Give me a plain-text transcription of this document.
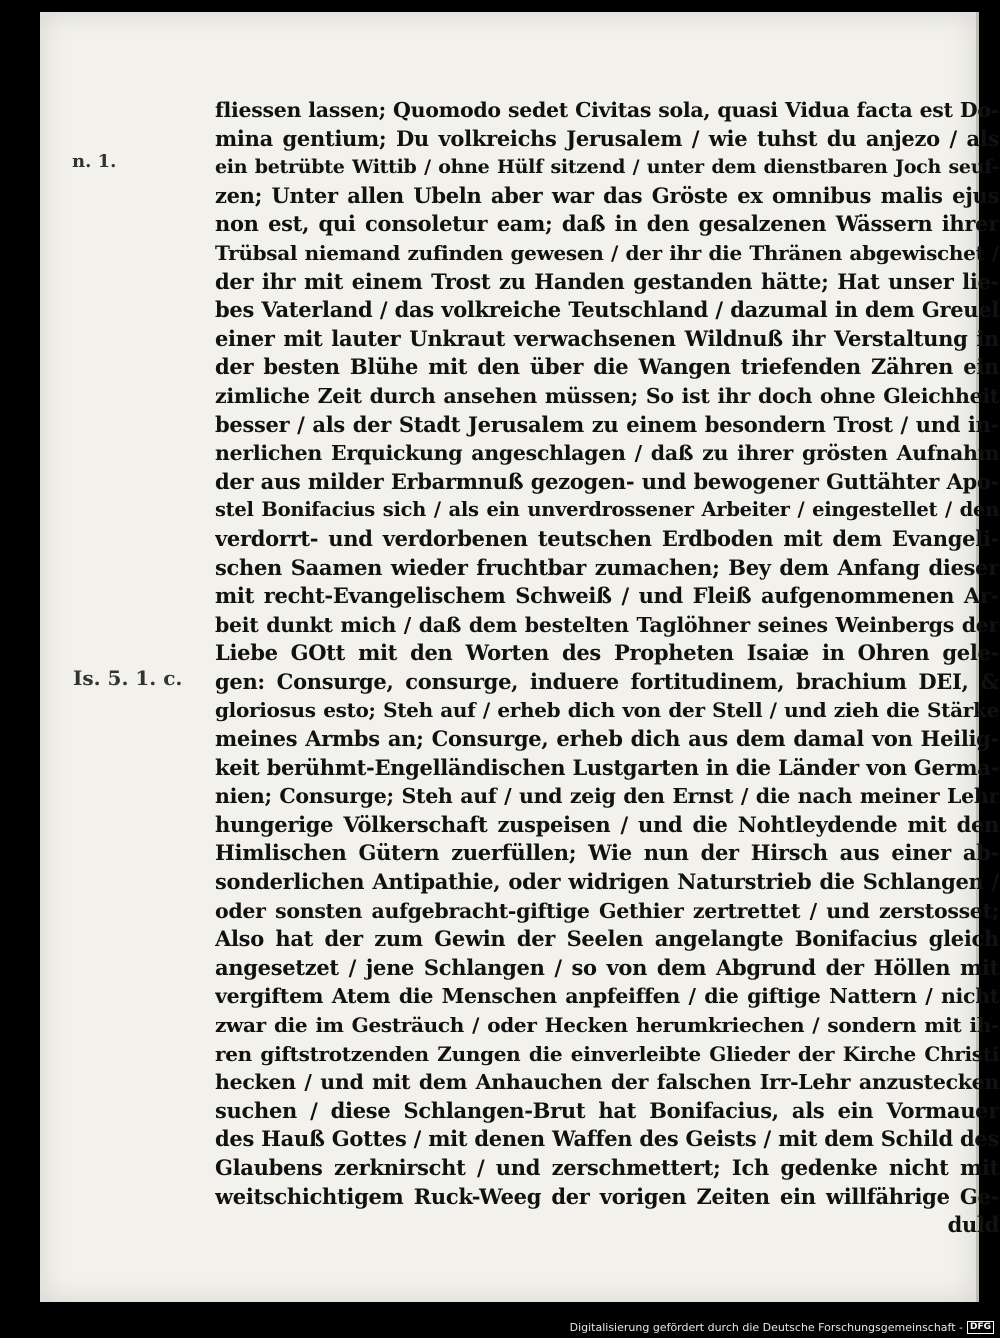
n. 1.
Is. 5. 1. c.
fliessen lassen; Quomodo sedet Civitas sola, quasi Vidua facta est Do-
mina gentium; Du volkreichs Jerusalem / wie tuhst du anjezo / als
ein betrübte Wittib / ohne Hülf sitzend / unter dem dienstbaren Joch seuf-
zen; Unter allen Ubeln aber war das Gröste ex omnibus malis ejus
non est, qui consoletur eam; daß in den gesalzenen Wässern ihrer
Trübsal niemand zufinden gewesen / der ihr die Thränen abgewischet /
der ihr mit einem Trost zu Handen gestanden hätte; Hat unser lie-
bes Vaterland / das volkreiche Teutschland / dazumal in dem Greuel
einer mit lauter Unkraut verwachsenen Wildnuß ihr Verstaltung in
der besten Blühe mit den über die Wangen triefenden Zähren ein
zimliche Zeit durch ansehen müssen; So ist ihr doch ohne Gleichheit
besser / als der Stadt Jerusalem zu einem besondern Trost / und in-
nerlichen Erquickung angeschlagen / daß zu ihrer grösten Aufnahm
der aus milder Erbarmnuß gezogen- und bewogener Guttähter Apo-
stel Bonifacius sich / als ein unverdrossener Arbeiter / eingestellet / den
verdorrt- und verdorbenen teutschen Erdboden mit dem Evangeli-
schen Saamen wieder fruchtbar zumachen; Bey dem Anfang dieser
mit recht-Evangelischem Schweiß / und Fleiß aufgenommenen Ar-
beit dunkt mich / daß dem bestelten Taglöhner seines Weinbergs der
Liebe GOtt mit den Worten des Propheten Isaiæ in Ohren gele-
gen: Consurge, consurge, induere fortitudinem, brachium DEI, &
gloriosus esto; Steh auf / erheb dich von der Stell / und zieh die Stärke
meines Armbs an; Consurge, erheb dich aus dem damal von Heilig-
keit berühmt-Engelländischen Lustgarten in die Länder von Germa-
nien; Consurge; Steh auf / und zeig den Ernst / die nach meiner Lehr
hungerige Völkerschaft zuspeisen / und die Nohtleydende mit den
Himlischen Gütern zuerfüllen; Wie nun der Hirsch aus einer ab-
sonderlichen Antipathie, oder widrigen Naturstrieb die Schlangen /
oder sonsten aufgebracht-giftige Gethier zertrettet / und zerstosset;
Also hat der zum Gewin der Seelen angelangte Bonifacius gleich
angesetzet / jene Schlangen / so von dem Abgrund der Höllen mit
vergiftem Atem die Menschen anpfeiffen / die giftige Nattern / nicht
zwar die im Gesträuch / oder Hecken herumkriechen / sondern mit ih-
ren giftstrotzenden Zungen die einverleibte Glieder der Kirche Christi
hecken / und mit dem Anhauchen der falschen Irr-Lehr anzustecken
suchen / diese Schlangen-Brut hat Bonifacius, als ein Vormauer
des Hauß Gottes / mit denen Waffen des Geists / mit dem Schild des
Glaubens zerknirscht / und zerschmettert; Ich gedenke nicht mit
weitschichtigem Ruck-Weeg der vorigen Zeiten ein willfährige Ge-
duld
Digitalisierung gefördert durch die Deutsche Forschungsgemeinschaft - DFG
